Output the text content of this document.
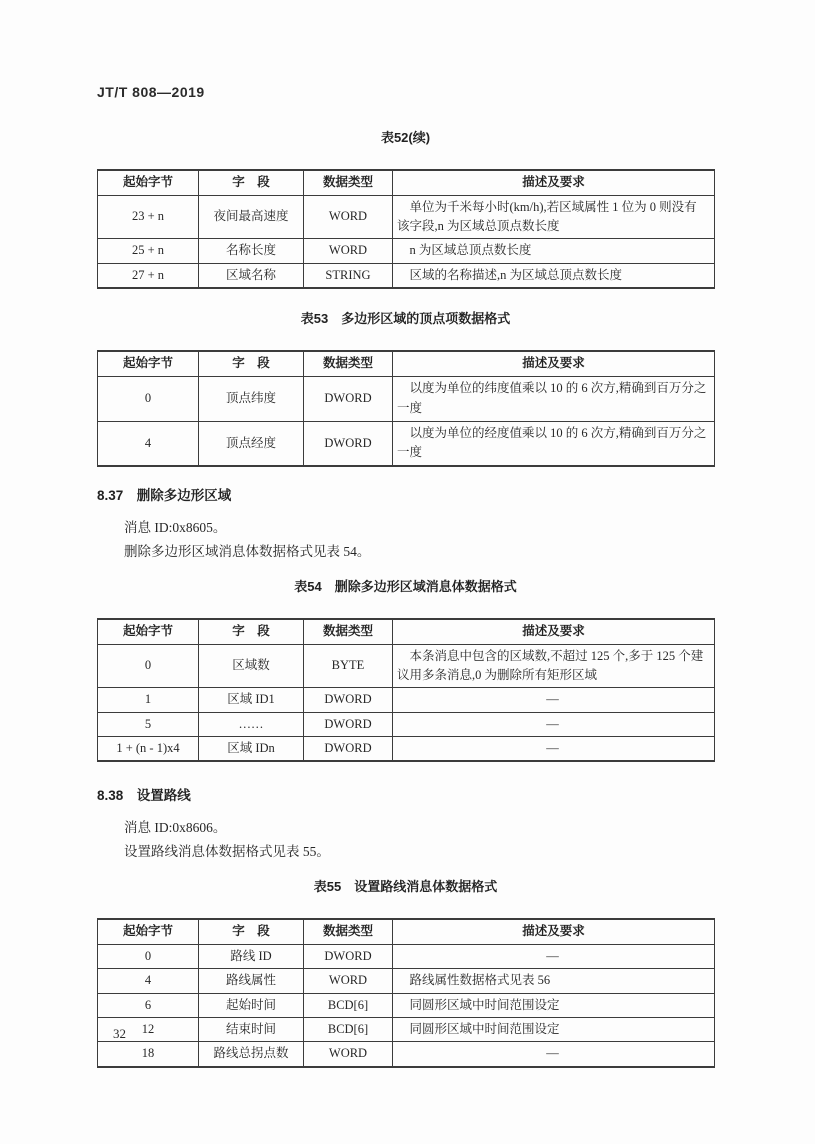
JT/T 808—2019
表52(续)
起始字节	字　段	数据类型	描述及要求
23 + n	夜间最高速度	WORD	单位为千米每小时(km/h),若区域属性 1 位为 0 则没有该字段,n 为区域总顶点数长度
25 + n	名称长度	WORD	n 为区域总顶点数长度
27 + n	区域名称	STRING	区域的名称描述,n 为区域总顶点数长度
表53　多边形区域的顶点项数据格式
起始字节	字　段	数据类型	描述及要求
0	顶点纬度	DWORD	以度为单位的纬度值乘以 10 的 6 次方,精确到百万分之一度
4	顶点经度	DWORD	以度为单位的经度值乘以 10 的 6 次方,精确到百万分之一度
8.37　删除多边形区域
消息 ID:0x8605。
删除多边形区域消息体数据格式见表 54。
表54　删除多边形区域消息体数据格式
起始字节	字　段	数据类型	描述及要求
0	区域数	BYTE	本条消息中包含的区域数,不超过 125 个,多于 125 个建议用多条消息,0 为删除所有矩形区域
1	区域 ID1	DWORD	—
5	……	DWORD	—
1 + (n - 1)x4	区域 IDn	DWORD	—
8.38　设置路线
消息 ID:0x8606。
设置路线消息体数据格式见表 55。
表55　设置路线消息体数据格式
起始字节	字　段	数据类型	描述及要求
0	路线 ID	DWORD	—
4	路线属性	WORD	路线属性数据格式见表 56
6	起始时间	BCD[6]	同圆形区域中时间范围设定
12	结束时间	BCD[6]	同圆形区域中时间范围设定
18	路线总拐点数	WORD	—
32
